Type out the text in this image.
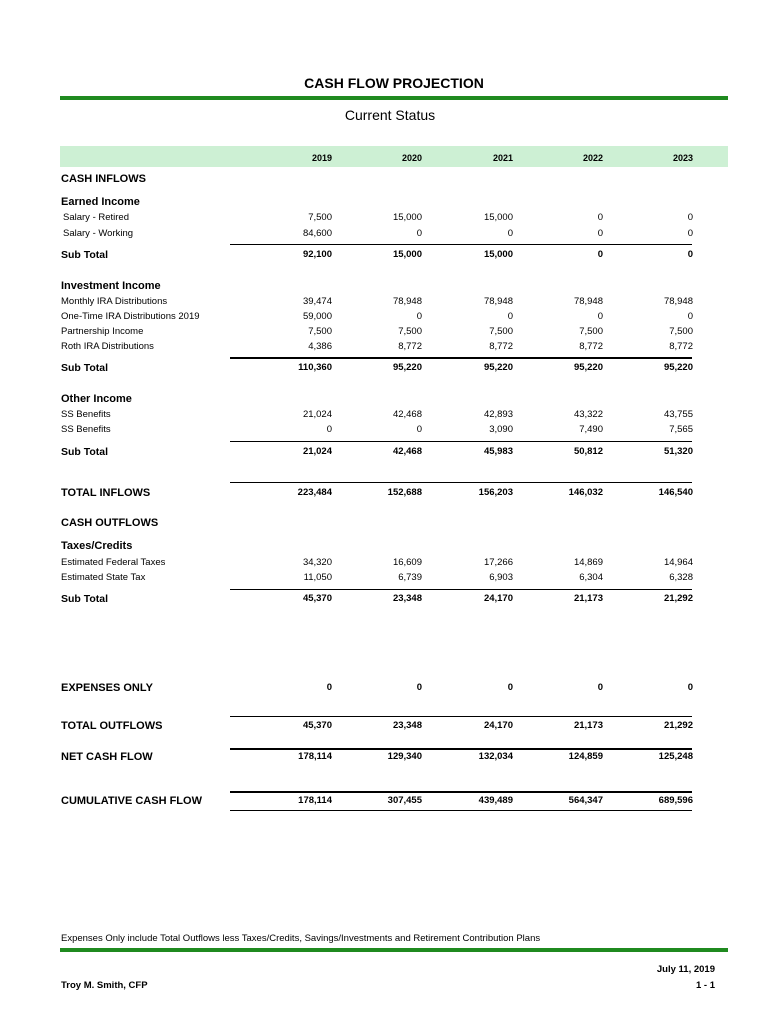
CASH FLOW PROJECTION
Current Status
2019	2020	2021	2022	2023
CASH INFLOWS
Earned Income
Salary - Retired	7,500	15,000	15,000	0	0
Salary - Working	84,600	0	0	0	0
Sub Total	92,100	15,000	15,000	0	0
Investment Income
Monthly IRA Distributions	39,474	78,948	78,948	78,948	78,948
One-Time IRA Distributions 2019	59,000	0	0	0	0
Partnership Income	7,500	7,500	7,500	7,500	7,500
Roth IRA Distributions	4,386	8,772	8,772	8,772	8,772
Sub Total	110,360	95,220	95,220	95,220	95,220
Other Income
SS Benefits	21,024	42,468	42,893	43,322	43,755
SS Benefits	0	0	3,090	7,490	7,565
Sub Total	21,024	42,468	45,983	50,812	51,320
TOTAL INFLOWS	223,484	152,688	156,203	146,032	146,540
CASH OUTFLOWS
Taxes/Credits
Estimated Federal Taxes	34,320	16,609	17,266	14,869	14,964
Estimated State Tax	11,050	6,739	6,903	6,304	6,328
Sub Total	45,370	23,348	24,170	21,173	21,292
EXPENSES ONLY	0	0	0	0	0
TOTAL OUTFLOWS	45,370	23,348	24,170	21,173	21,292
NET CASH FLOW	178,114	129,340	132,034	124,859	125,248
CUMULATIVE CASH FLOW	178,114	307,455	439,489	564,347	689,596
Expenses Only include Total Outflows less Taxes/Credits, Savings/Investments and Retirement Contribution Plans
July 11, 2019
1 - 1
Troy M. Smith, CFP
